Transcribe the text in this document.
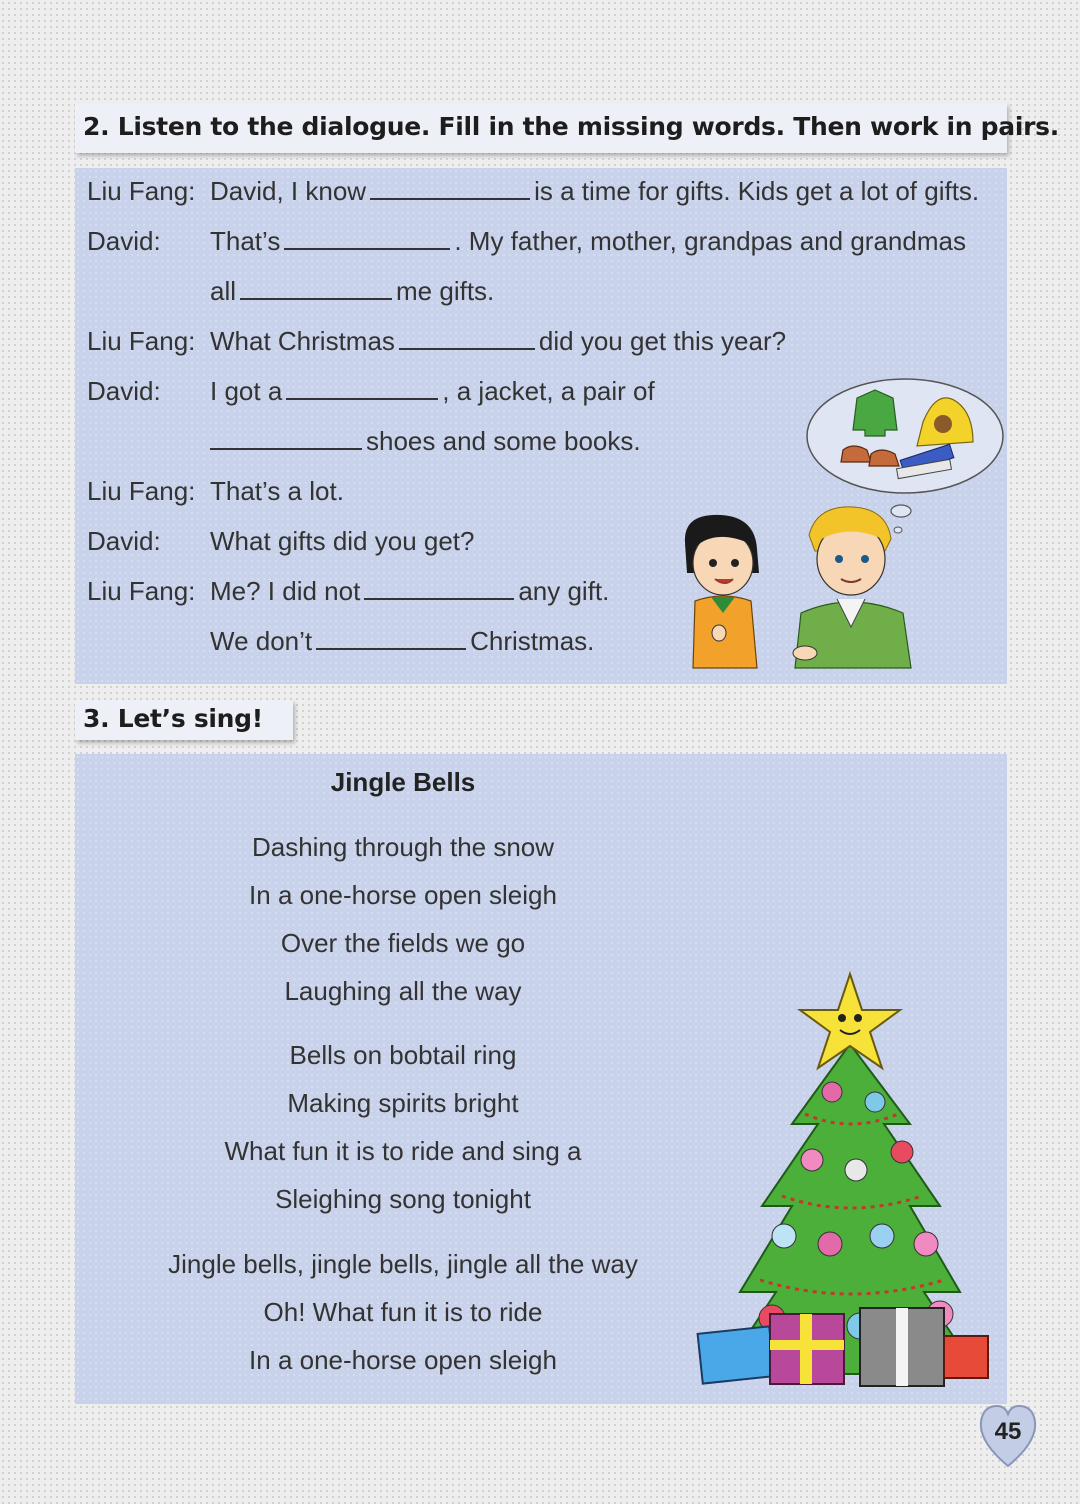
2. Listen to the dialogue. Fill in the missing words. Then work in pairs.
Liu Fang: David, I know	is a time for gifts. Kids get a lot of gifts.
David: That’s	. My father, mother, grandpas and grandmas
all	me gifts.
Liu Fang: What Christmas	did you get this year?
David: I got a	, a jacket, a pair of
shoes and some books.
Liu Fang: That’s a lot.
David: What gifts did you get?
Liu Fang: Me? I did not	any gift.
We don’t	Christmas.
3. Let’s sing!
Jingle Bells
Dashing through the snow
In a one-horse open sleigh
Over the fields we go
Laughing all the way
Bells on bobtail ring
Making spirits bright
What fun it is to ride and sing a
Sleighing song tonight
Jingle bells, jingle bells, jingle all the way
Oh! What fun it is to ride
In a one-horse open sleigh
45
